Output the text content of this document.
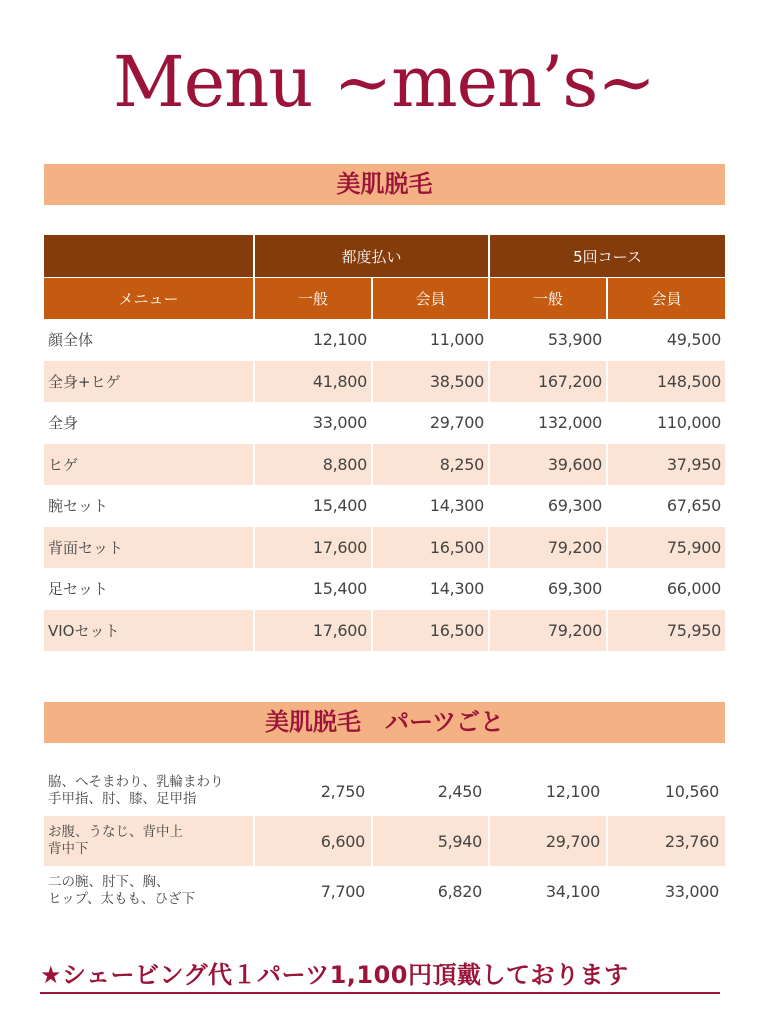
Menu ~men’s~
美肌脱毛
	都度払い		5回コース	
メニュー	一般	会員	一般	会員
顔全体	12,100	11,000	53,900	49,500
全身+ヒゲ	41,800	38,500	167,200	148,500
全身	33,000	29,700	132,000	110,000
ヒゲ	8,800	8,250	39,600	37,950
腕セット	15,400	14,300	69,300	67,650
背面セット	17,600	16,500	79,200	75,900
足セット	15,400	14,300	69,300	66,000
VIOセット	17,600	16,500	79,200	75,950
美肌脱毛　パーツごと
脇、へそまわり、乳輪まわり
手甲指、肘、膝、足甲指	2,750	2,450	12,100	10,560

お腹、うなじ、背中上
背中下	6,600	5,940	29,700	23,760

二の腕、肘下、胸、
ヒップ、太もも、ひざ下	7,700	6,820	34,100	33,000
★シェービング代１パーツ1,100円頂戴しております
